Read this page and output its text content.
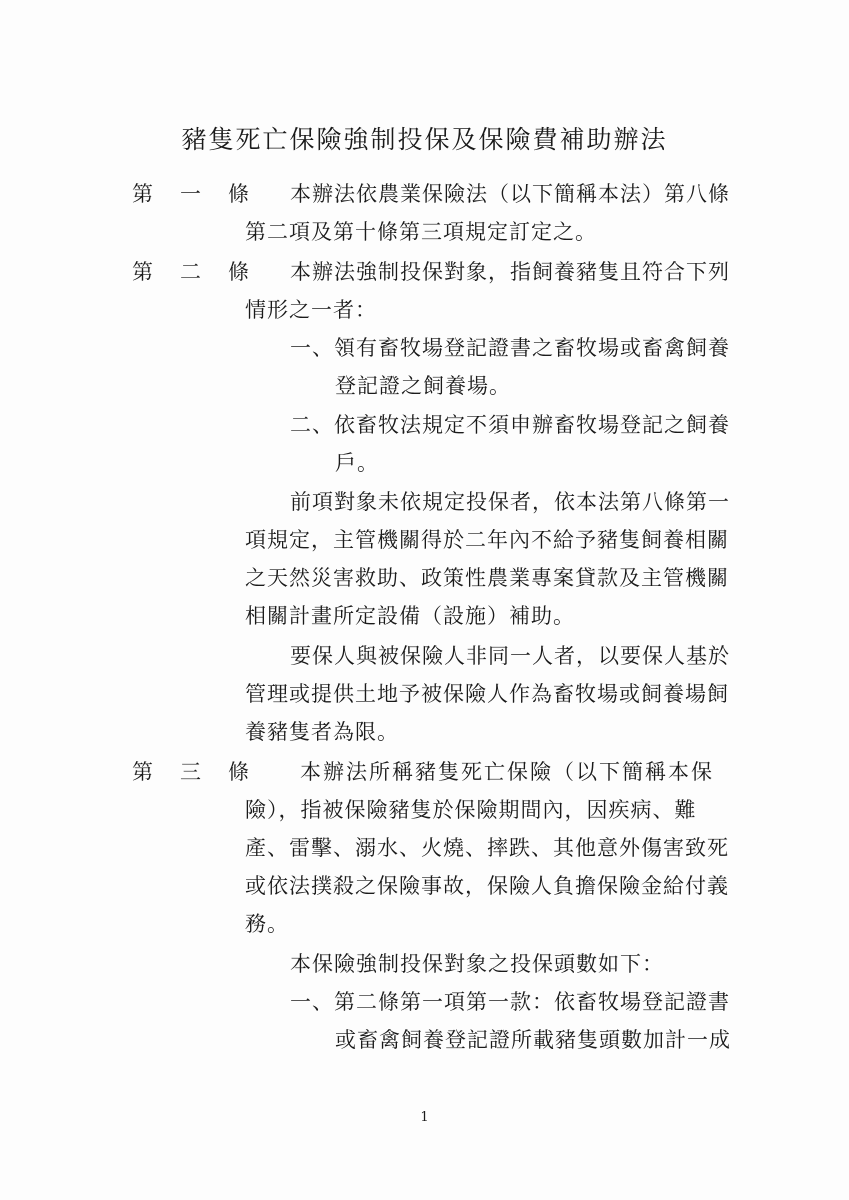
豬隻死亡保險強制投保及保險費補助辦法
第 一 條	本辦法依農業保險法（以下簡稱本法）第八條
第二項及第十條第三項規定訂定之。
第 二 條	本辦法強制投保對象，指飼養豬隻且符合下列
情形之一者：
一、領有畜牧場登記證書之畜牧場或畜禽飼養
登記證之飼養場。
二、依畜牧法規定不須申辦畜牧場登記之飼養
戶。
前項對象未依規定投保者，依本法第八條第一
項規定，主管機關得於二年內不給予豬隻飼養相關
之天然災害救助、政策性農業專案貸款及主管機關
相關計畫所定設備（設施）補助。
要保人與被保險人非同一人者，以要保人基於
管理或提供土地予被保險人作為畜牧場或飼養場飼
養豬隻者為限。
第 三 條	本辦法所稱豬隻死亡保險（以下簡稱本保
險），指被保險豬隻於保險期間內，因疾病、難
產、雷擊、溺水、火燒、摔跌、其他意外傷害致死
或依法撲殺之保險事故，保險人負擔保險金給付義
務。
本保險強制投保對象之投保頭數如下：
一、第二條第一項第一款：依畜牧場登記證書
或畜禽飼養登記證所載豬隻頭數加計一成
1
